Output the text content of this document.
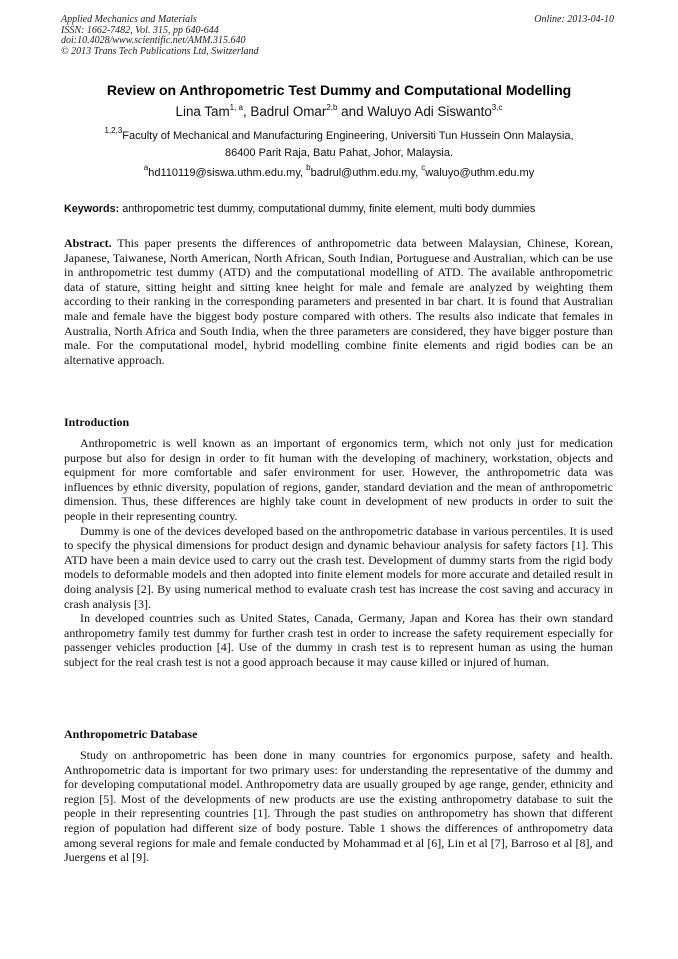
Applied Mechanics and Materials
ISSN: 1662-7482, Vol. 315, pp 640-644
doi:10.4028/www.scientific.net/AMM.315.640
© 2013 Trans Tech Publications Ltd, Switzerland
Online: 2013-04-10
Review on Anthropometric Test Dummy and Computational Modelling
Lina Tam$^{1, a}$, Badrul Omar$^{2,b}$ and Waluyo Adi Siswanto$^{3,c}$
$^{1,2,3}$Faculty of Mechanical and Manufacturing Engineering, Universiti Tun Hussein Onn Malaysia,
86400 Parit Raja, Batu Pahat, Johor, Malaysia.
$^a$hd110119@siswa.uthm.edu.my, $^b$badrul@uthm.edu.my, $^c$waluyo@uthm.edu.my
Keywords: anthropometric test dummy, computational dummy, finite element, multi body dummies

Abstract. This paper presents the differences of anthropometric data between Malaysian, Chinese, Korean, Japanese, Taiwanese, North American, North African, South Indian, Portuguese and Australian, which can be use in anthropometric test dummy (ATD) and the computational modelling of ATD. The available anthropometric data of stature, sitting height and sitting knee height for male and female are analyzed by weighting them according to their ranking in the corresponding parameters and presented in bar chart. It is found that Australian male and female have the biggest body posture compared with others. The results also indicate that females in Australia, North Africa and South India, when the three parameters are considered, they have bigger posture than male. For the computational model, hybrid modelling combine finite elements and rigid bodies can be an alternative approach.

Introduction

Anthropometric is well known as an important of ergonomics term, which not only just for medication purpose but also for design in order to fit human with the developing of machinery, workstation, objects and equipment for more comfortable and safer environment for user. However, the anthropometric data was influences by ethnic diversity, population of regions, gander, standard deviation and the mean of anthropometric dimension. Thus, these differences are highly take count in development of new products in order to suit the people in their representing country.

Dummy is one of the devices developed based on the anthropometric database in various percentiles. It is used to specify the physical dimensions for product design and dynamic behaviour analysis for safety factors [1]. This ATD have been a main device used to carry out the crash test. Development of dummy starts from the rigid body models to deformable models and then adopted into finite element models for more accurate and detailed result in doing analysis [2]. By using numerical method to evaluate crash test has increase the cost saving and accuracy in crash analysis [3].

In developed countries such as United States, Canada, Germany, Japan and Korea has their own standard anthropometry family test dummy for further crash test in order to increase the safety requirement especially for passenger vehicles production [4]. Use of the dummy in crash test is to represent human as using the human subject for the real crash test is not a good approach because it may cause killed or injured of human.

Anthropometric Database

Study on anthropometric has been done in many countries for ergonomics purpose, safety and health. Anthropometric data is important for two primary uses: for understanding the representative of the dummy and for developing computational model. Anthropometry data are usually grouped by age range, gender, ethnicity and region [5]. Most of the developments of new products are use the existing anthropometry database to suit the people in their representing countries [1]. Through the past studies on anthropometry has shown that different region of population had different size of body posture. Table 1 shows the differences of anthropometry data among several regions for male and female conducted by Mohammad et al [6], Lin et al [7], Barroso et al [8], and Juergens et al [9].
